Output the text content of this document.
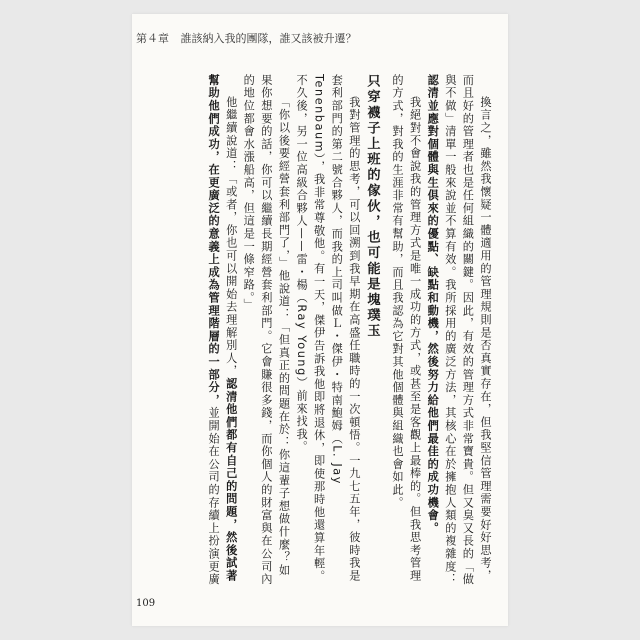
第４章 誰該納入我的團隊，誰又該被升遷？

換言之，雖然我懷疑一體適用的管理規則是否真實存在，但我堅信管理需要好好思考，而且好的管理者也是任何組織的關鍵。因此，有效的管理方式非常寶貴。但又臭又長的「做與不做」清單一般來說並不算有效。我所採用的廣泛方法，其核心在於擁抱人類的複雜度：認清並應對個體與生俱來的優點、缺點和動機，然後努力給他們最佳的成功機會。

我絕對不會說我的管理方式是唯一成功的方式，或甚至是客觀上最棒的。但我思考管理的方式，對我的生涯非常有幫助，而且我認為它對其他個體與組織也會如此。

只穿襪子上班的傢伙，也可能是塊璞玉

我對管理的思考，可以回溯到我早期在高盛任職時的一次頓悟。一九七五年，彼時我是套利部門的第二號合夥人，而我的上司叫做Ｌ・傑伊・特南鮑姆（L. Jay Tenenbaum），我非常尊敬他。有一天，傑伊告訴我他即將退休，即使那時他還算年輕。不久後，另一位高級合夥人——雷・楊（Ray Young）前來找我。

「你以後要經營套利部門了，」他說道：「但真正的問題在於：你這輩子想做什麼？如果你想要的話，你可以繼續長期經營套利部門。它會賺很多錢，而你個人的財富與在公司內的地位都會水漲船高，但這是一條窄路。」

他繼續說道：「或者，你也可以開始去理解別人，認清他們都有自己的問題，然後試著幫助他們成功，在更廣泛的意義上成為管理階層的一部分，並開始在公司的存續上扮演更廣

109
